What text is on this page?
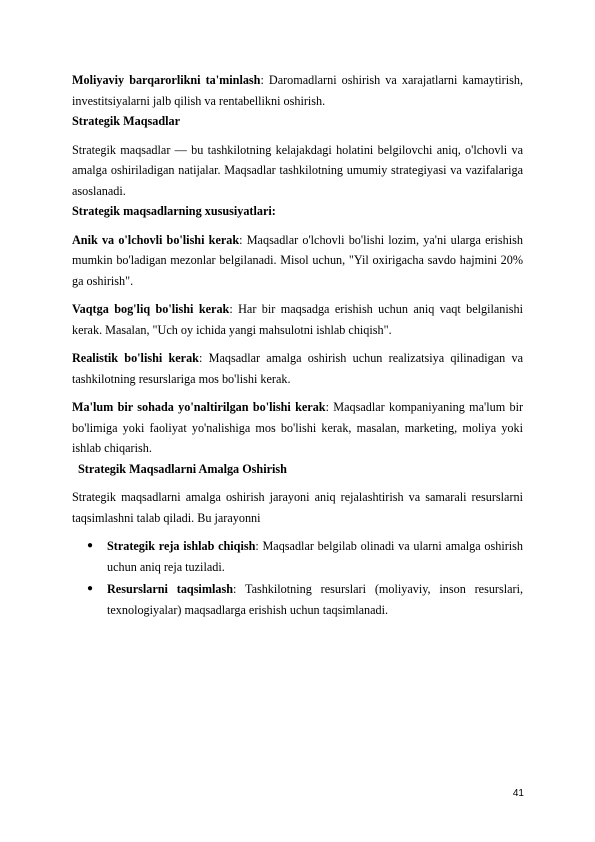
Moliyaviy barqarorlikni ta'minlash: Daromadlarni oshirish va xarajatlarni kamaytirish, investitsiyalarni jalb qilish va rentabellikni oshirish.

Strategik Maqsadlar

Strategik maqsadlar — bu tashkilotning kelajakdagi holatini belgilovchi aniq, o'lchovli va amalga oshiriladigan natijalar. Maqsadlar tashkilotning umumiy strategiyasi va vazifalariga asoslanadi.

Strategik maqsadlarning xususiyatlari:

Anik va o'lchovli bo'lishi kerak: Maqsadlar o'lchovli bo'lishi lozim, ya'ni ularga erishish mumkin bo'ladigan mezonlar belgilanadi. Misol uchun, "Yil oxirigacha savdo hajmini 20% ga oshirish".

Vaqtga bog'liq bo'lishi kerak: Har bir maqsadga erishish uchun aniq vaqt belgilanishi kerak. Masalan, "Uch oy ichida yangi mahsulotni ishlab chiqish".

Realistik bo'lishi kerak: Maqsadlar amalga oshirish uchun realizatsiya qilinadigan va tashkilotning resurslariga mos bo'lishi kerak.

Ma'lum bir sohada yo'naltirilgan bo'lishi kerak: Maqsadlar kompaniyaning ma'lum bir bo'limiga yoki faoliyat yo'nalishiga mos bo'lishi kerak, masalan, marketing, moliya yoki ishlab chiqarish.

Strategik Maqsadlarni Amalga Oshirish

Strategik maqsadlarni amalga oshirish jarayoni aniq rejalashtirish va samarali resurslarni taqsimlashni talab qiladi. Bu jarayonni

● Strategik reja ishlab chiqish: Maqsadlar belgilab olinadi va ularni amalga oshirish uchun aniq reja tuziladi.
● Resurslarni taqsimlash: Tashkilotning resurslari (moliyaviy, inson resurslari, texnologiyalar) maqsadlarga erishish uchun taqsimlanadi.
41
